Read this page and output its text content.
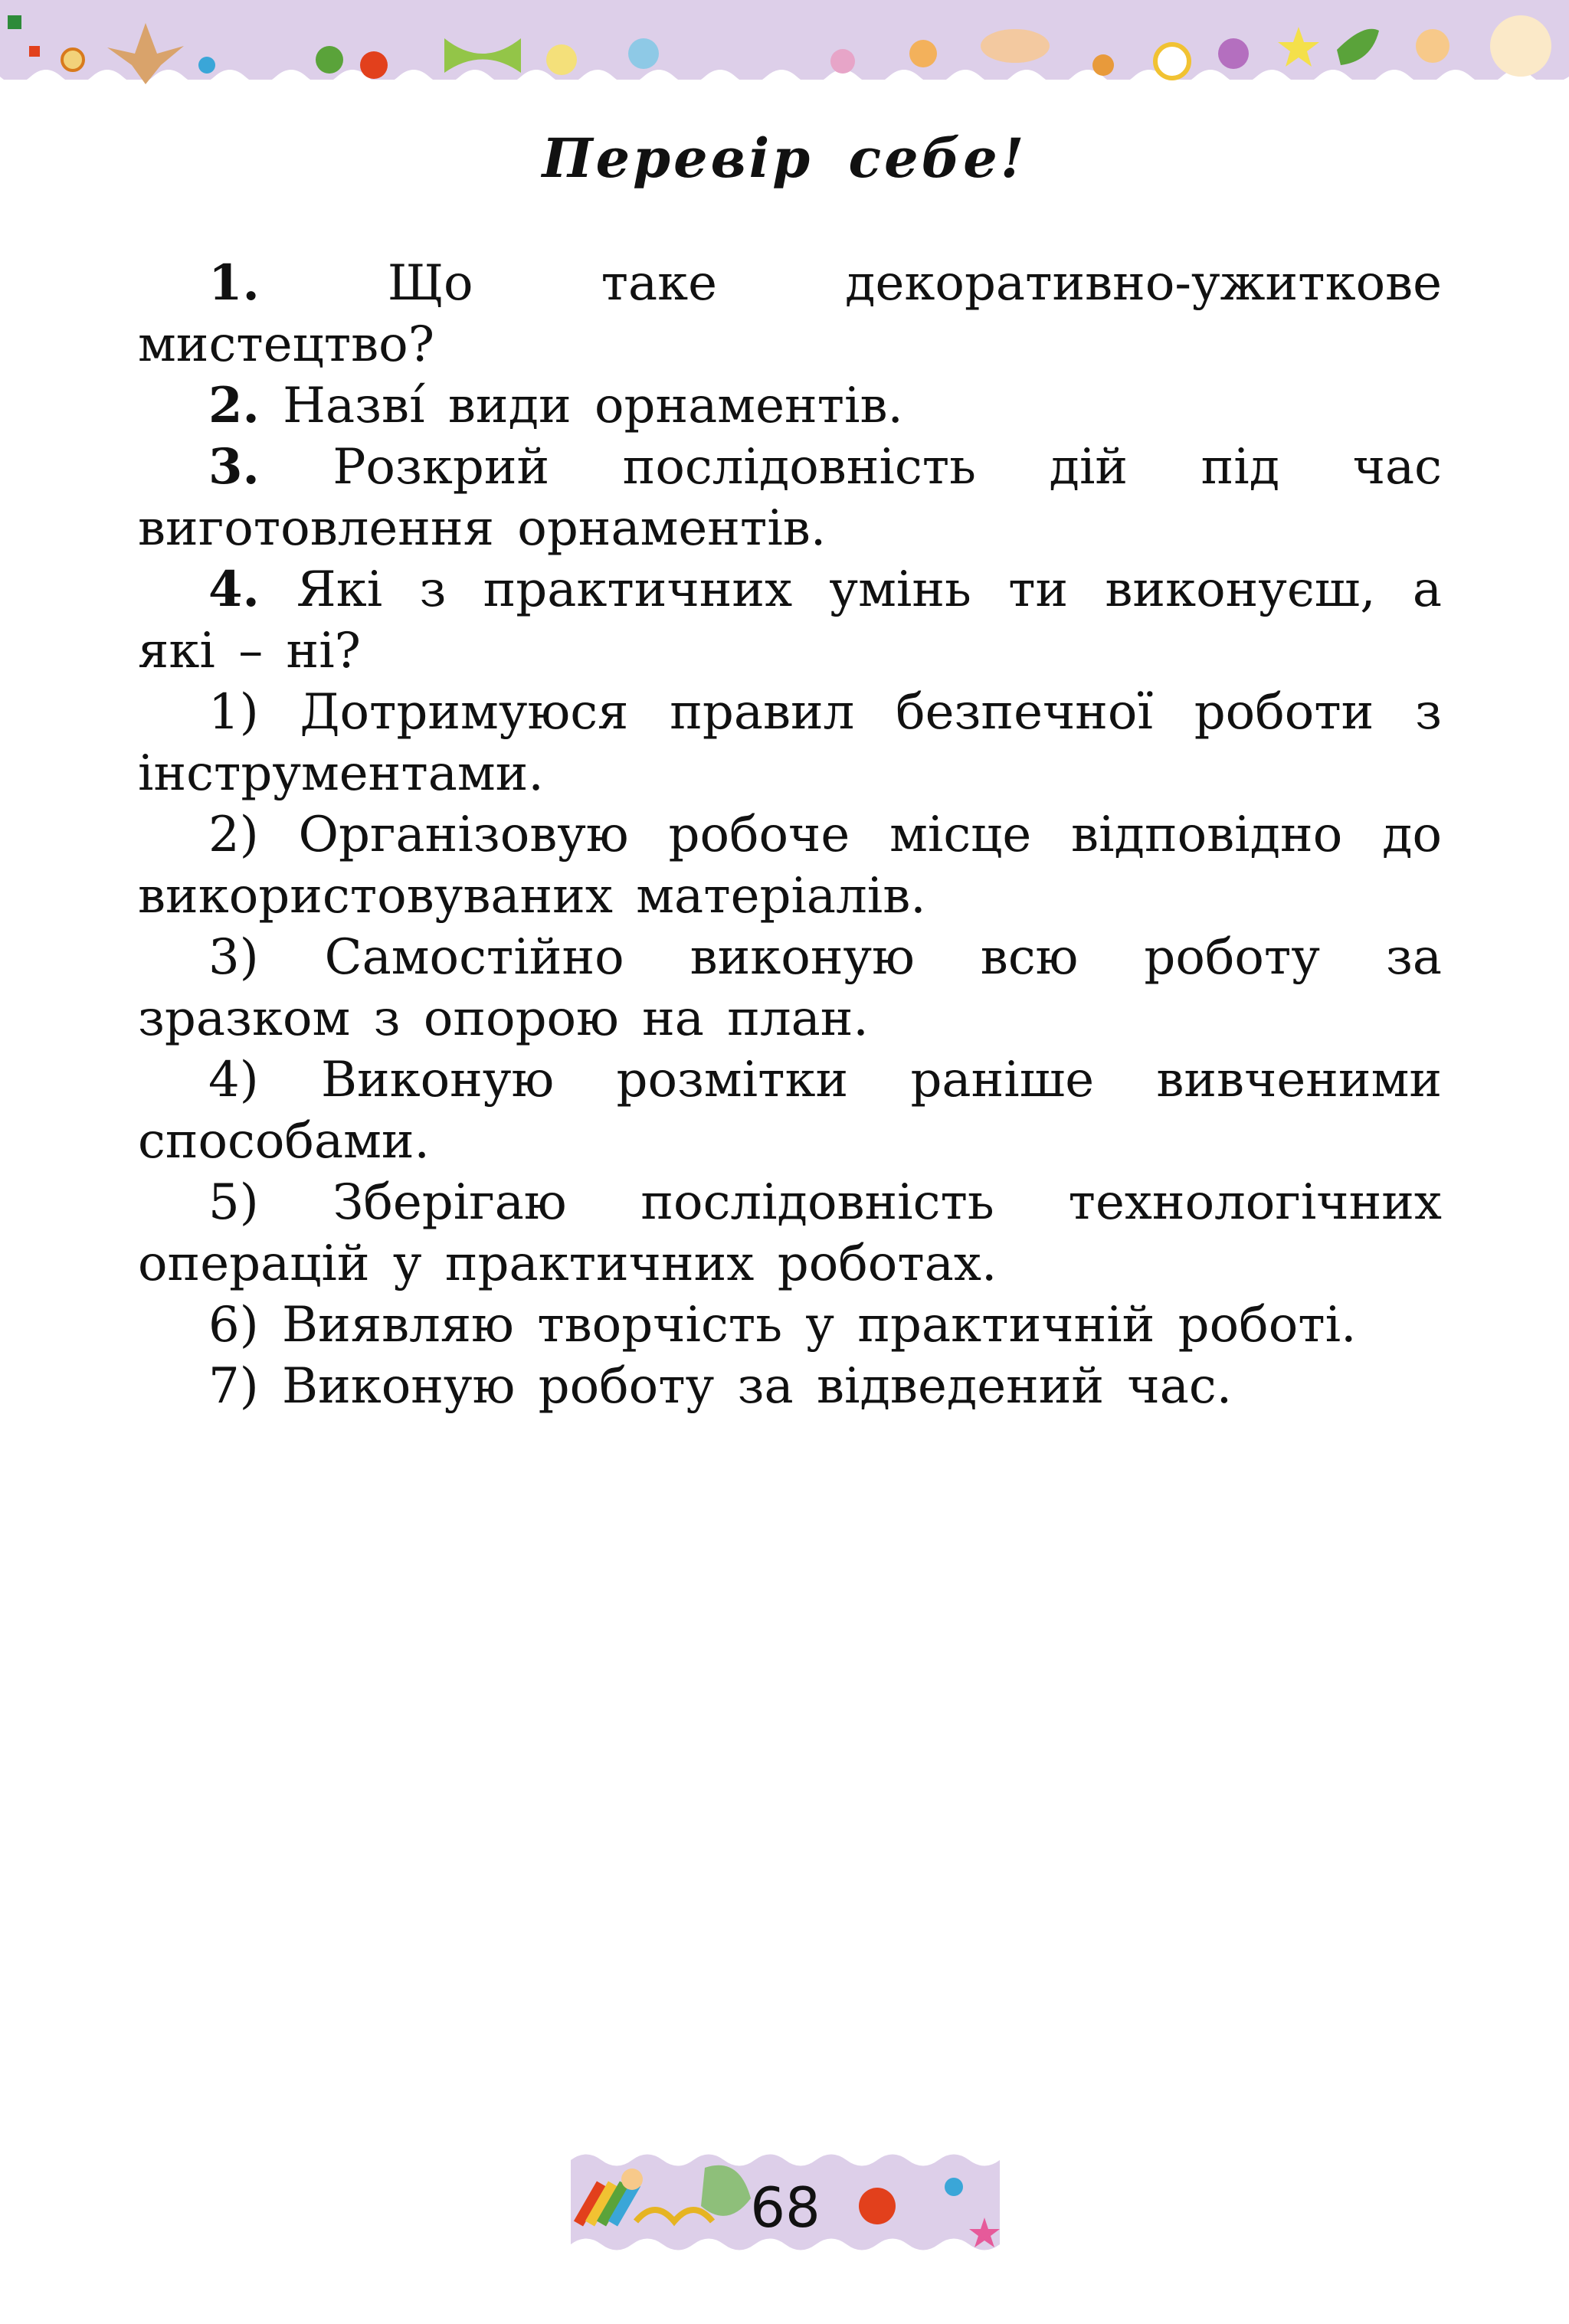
Перевір себе!

1. Що таке декоративно-ужиткове мистецтво?

2. Назві́ види орнаментів.

3. Розкрий послідовність дій під час виготовлення орнаментів.

4. Які з практичних умінь ти виконуєш, а які – ні?

1) Дотримуюся правил безпечної роботи з інструментами.

2) Організовую робоче місце відповідно до використовуваних матеріалів.

3) Самостійно виконую всю роботу за зразком з опорою на план.

4) Виконую розмітки раніше вивченими способами.

5) Зберігаю послідовність технологічних операцій у практичних роботах.

6) Виявляю творчість у практичній роботі.

7) Виконую роботу за відведений час.

68
